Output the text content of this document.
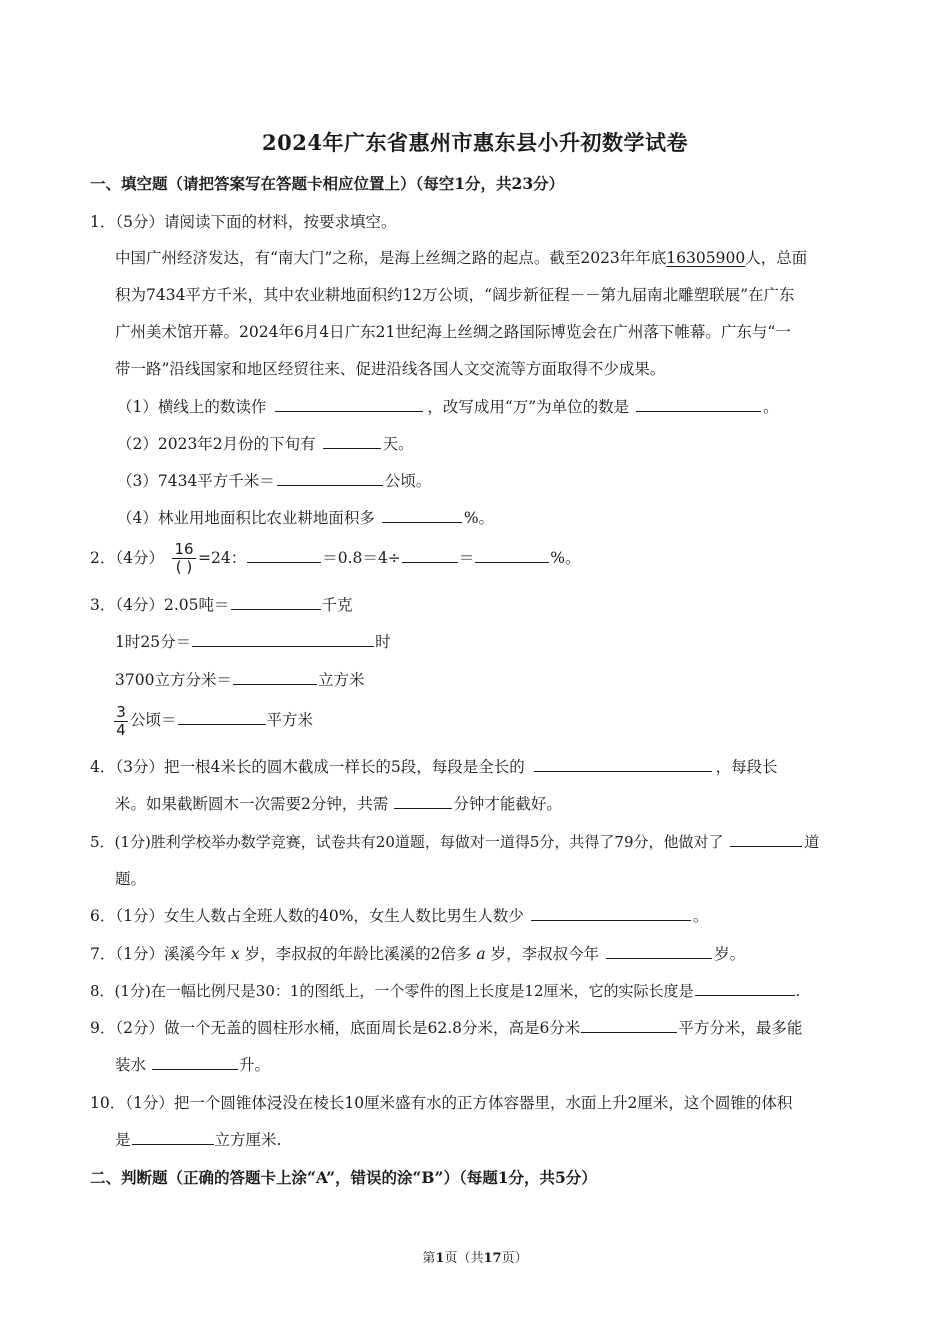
2024年广东省惠州市惠东县小升初数学试卷
一、填空题（请把答案写在答题卡相应位置上）（每空1分，共23分）
1．（5分）请阅读下面的材料，按要求填空。
中国广州经济发达，有“南大门”之称，是海上丝绸之路的起点。截至2023年年底16305900人，总面
积为7434平方千米，其中农业耕地面积约12万公顷，“阔步新征程－－第九届南北雕塑联展”在广东
广州美术馆开幕。2024年6月4日广东21世纪海上丝绸之路国际博览会在广州落下帷幕。广东与“一
带一路”沿线国家和地区经贸往来、促进沿线各国人文交流等方面取得不少成果。
（1）横线上的数读作	，改写成用“万”为单位的数是	。
（2）2023年2月份的下旬有	天。
（3）7434平方千米＝	公顷。
（4）林业用地面积比农业耕地面积多	%。
2．（4分） 16
( ) =24：	＝0.8＝4÷	＝	%。
3．（4分）2.05吨＝	千克
1时25分＝	时
3700立方分米＝	立方米
3
4
公顷＝	平方米
4．（3分）把一根4米长的圆木截成一样长的5段，每段是全长的	，每段长
米。如果截断圆木一次需要2分钟，共需	分钟才能截好。
5．(1分)胜利学校举办数学竞赛，试卷共有20道题，每做对一道得5分，共得了79分，他做对了	道
题。
6．（1分）女生人数占全班人数的40%，女生人数比男生人数少	。
7．（1分）溪溪今年 x 岁，李叔叔的年龄比溪溪的2倍多 a 岁，李叔叔今年	岁。
8．(1分)在一幅比例尺是30：1的图纸上，一个零件的图上长度是12厘米，它的实际长度是	.
9．（2分）做一个无盖的圆柱形水桶，底面周长是62.8分米，高是6分米	平方分米，最多能
装水	升。
10．（1分）把一个圆锥体浸没在棱长10厘米盛有水的正方体容器里，水面上升2厘米，这个圆锥的体积
是	立方厘米.
二、判断题（正确的答题卡上涂“A”，错误的涂“B”）（每题1分，共5分）
第1页（共17页）
